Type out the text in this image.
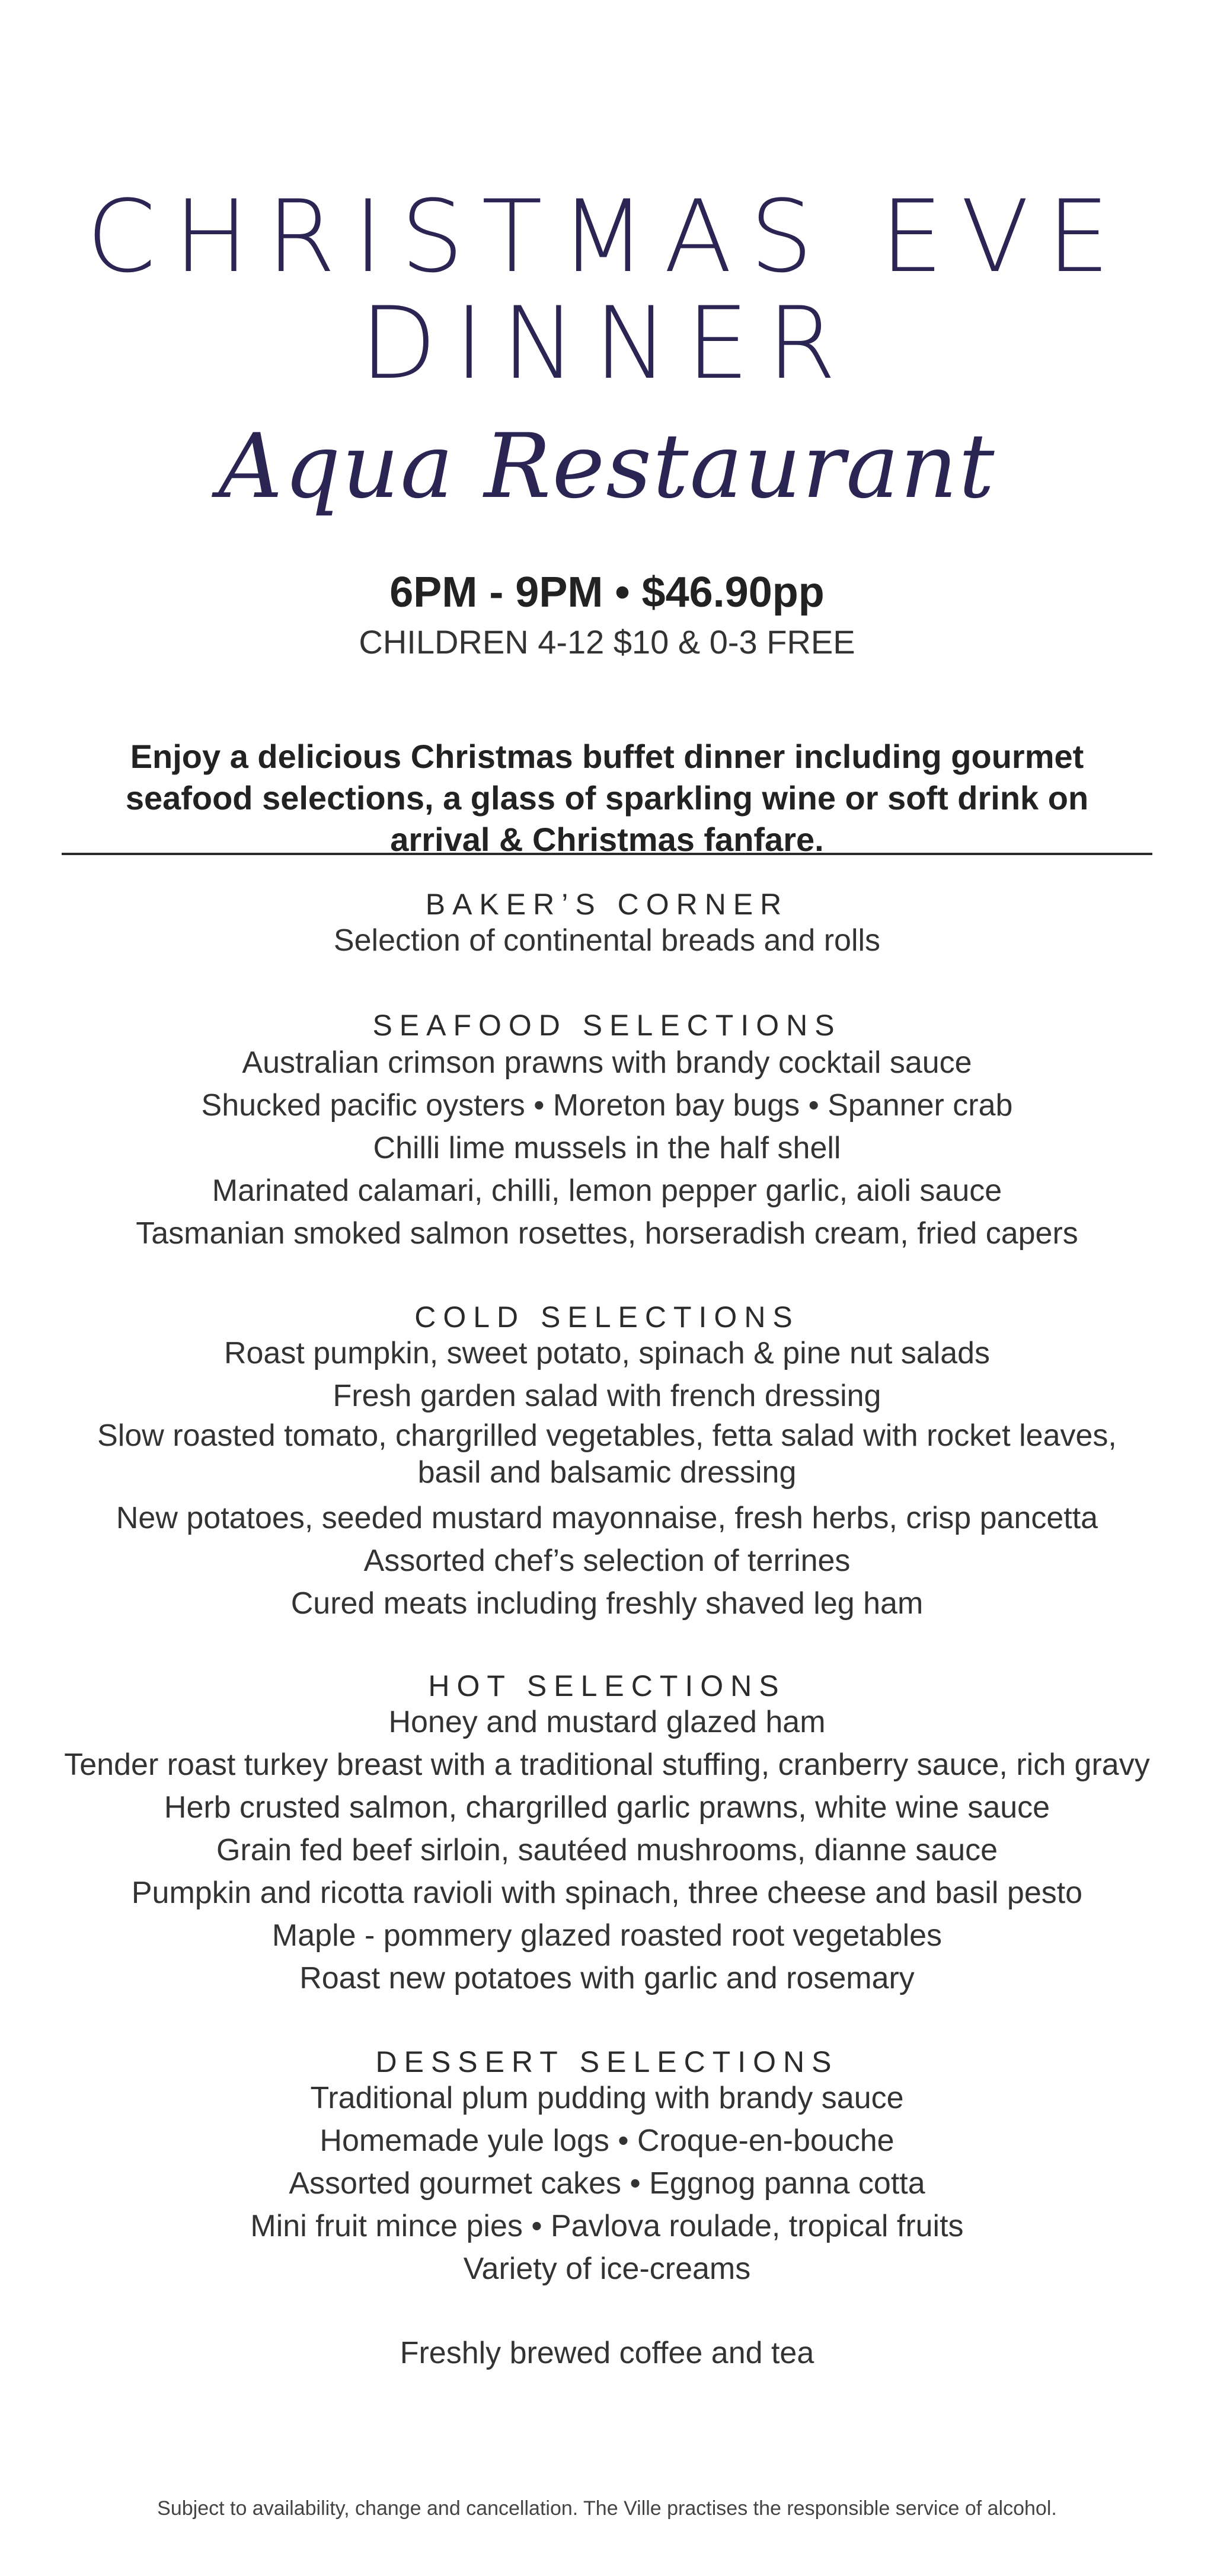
CHRISTMAS EVE
DINNER
Aqua Restaurant
6PM - 9PM • $46.90pp
CHILDREN 4-12 $10 & 0-3 FREE

Enjoy a delicious Christmas buffet dinner including gourmet seafood selections, a glass of sparkling wine or soft drink on arrival & Christmas fanfare.

BAKER’S CORNER
Selection of continental breads and rolls
SEAFOOD SELECTIONS
Australian crimson prawns with brandy cocktail sauce
Shucked pacific oysters • Moreton bay bugs • Spanner crab
Chilli lime mussels in the half shell
Marinated calamari, chilli, lemon pepper garlic, aioli sauce
Tasmanian smoked salmon rosettes, horseradish cream, fried capers
COLD SELECTIONS
Roast pumpkin, sweet potato, spinach & pine nut salads
Fresh garden salad with french dressing
Slow roasted tomato, chargrilled vegetables, fetta salad with rocket leaves, basil and balsamic dressing
New potatoes, seeded mustard mayonnaise, fresh herbs, crisp pancetta
Assorted chef’s selection of terrines
Cured meats including freshly shaved leg ham
HOT SELECTIONS
Honey and mustard glazed ham
Tender roast turkey breast with a traditional stuffing, cranberry sauce, rich gravy
Herb crusted salmon, chargrilled garlic prawns, white wine sauce
Grain fed beef sirloin, sautéed mushrooms, dianne sauce
Pumpkin and ricotta ravioli with spinach, three cheese and basil pesto
Maple - pommery glazed roasted root vegetables
Roast new potatoes with garlic and rosemary
DESSERT SELECTIONS
Traditional plum pudding with brandy sauce
Homemade yule logs • Croque-en-bouche
Assorted gourmet cakes • Eggnog panna cotta
Mini fruit mince pies • Pavlova roulade, tropical fruits
Variety of ice-creams
Freshly brewed coffee and tea
Subject to availability, change and cancellation. The Ville practises the responsible service of alcohol.
